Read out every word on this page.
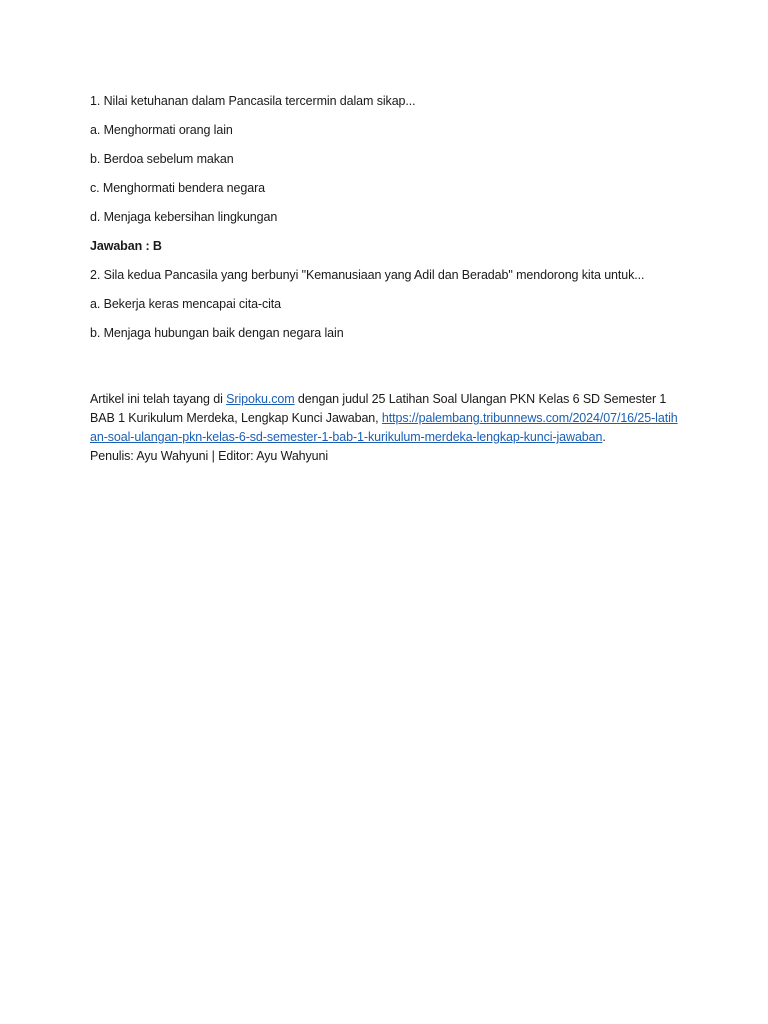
1. Nilai ketuhanan dalam Pancasila tercermin dalam sikap...

a. Menghormati orang lain

b. Berdoa sebelum makan

c. Menghormati bendera negara

d. Menjaga kebersihan lingkungan

Jawaban : B

2. Sila kedua Pancasila yang berbunyi "Kemanusiaan yang Adil dan Beradab" mendorong kita untuk...

a. Bekerja keras mencapai cita-cita

b. Menjaga hubungan baik dengan negara lain

Artikel ini telah tayang di Sripoku.com dengan judul 25 Latihan Soal Ulangan PKN Kelas 6 SD Semester 1 BAB 1 Kurikulum Merdeka, Lengkap Kunci Jawaban, https://palembang.tribunnews.com/2024/07/16/25-latihan-soal-ulangan-pkn-kelas-6-sd-semester-1-bab-1-kurikulum-merdeka-lengkap-kunci-jawaban.
Penulis: Ayu Wahyuni | Editor: Ayu Wahyuni
